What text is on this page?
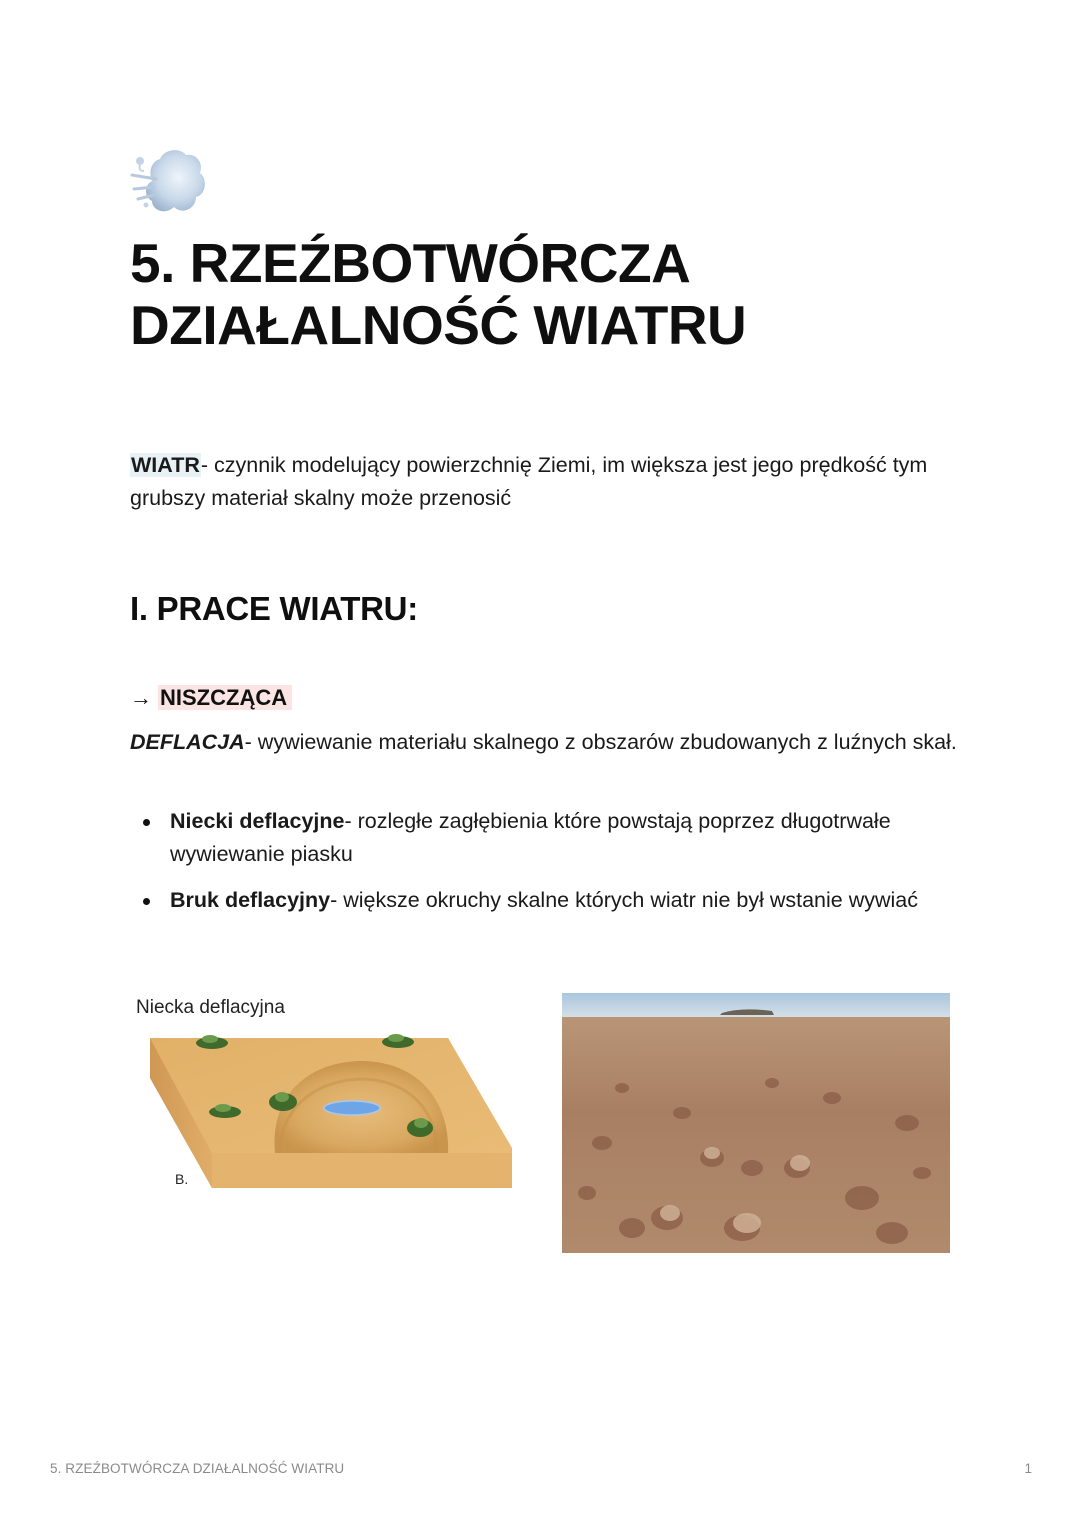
5. RZEŹBOTWÓRCZA
DZIAŁALNOŚĆ WIATRU

WIATR- czynnik modelujący powierzchnię Ziemi, im większa jest jego prędkość tym grubszy materiał skalny może przenosić

I. PRACE WIATRU:
→ NISZCZĄCA

DEFLACJA- wywiewanie materiału skalnego z obszarów zbudowanych z luźnych skał.

Niecki deflacyjne- rozległe zagłębienia które powstają poprzez długotrwałe wywiewanie piasku
Bruk deflacyjny- większe okruchy skalne których wiatr nie był wstanie wywiać
Niecka deflacyjna
B.
5. RZEŹBOTWÓRCZA DZIAŁALNOŚĆ WIATRU	1
